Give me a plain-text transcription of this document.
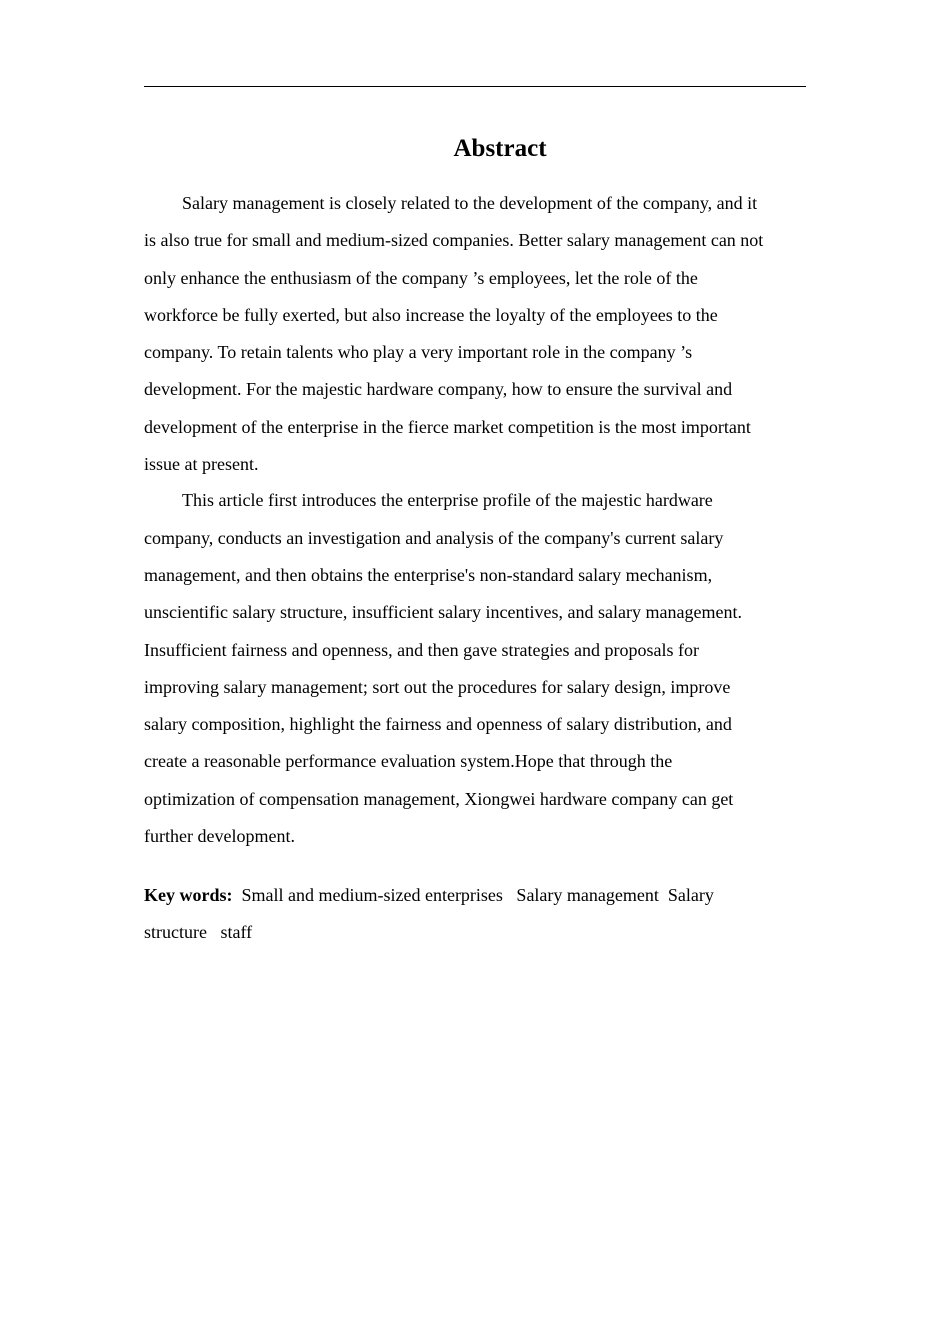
Abstract

Salary management is closely related to the development of the company, and it
is also true for small and medium-sized companies. Better salary management can not
only enhance the enthusiasm of the company ’s employees, let the role of the
workforce be fully exerted, but also increase the loyalty of the employees to the
company. To retain talents who play a very important role in the company ’s
development. For the majestic hardware company, how to ensure the survival and
development of the enterprise in the fierce market competition is the most important
issue at present.

This article first introduces the enterprise profile of the majestic hardware
company, conducts an investigation and analysis of the company's current salary
management, and then obtains the enterprise's non-standard salary mechanism,
unscientific salary structure, insufficient salary incentives, and salary management.
Insufficient fairness and openness, and then gave strategies and proposals for
improving salary management; sort out the procedures for salary design, improve
salary composition, highlight the fairness and openness of salary distribution, and
create a reasonable performance evaluation system.Hope that through the
optimization of compensation management, Xiongwei hardware company can get
further development.

Key words:  Small and medium-sized enterprises   Salary management  Salary
structure   staff
